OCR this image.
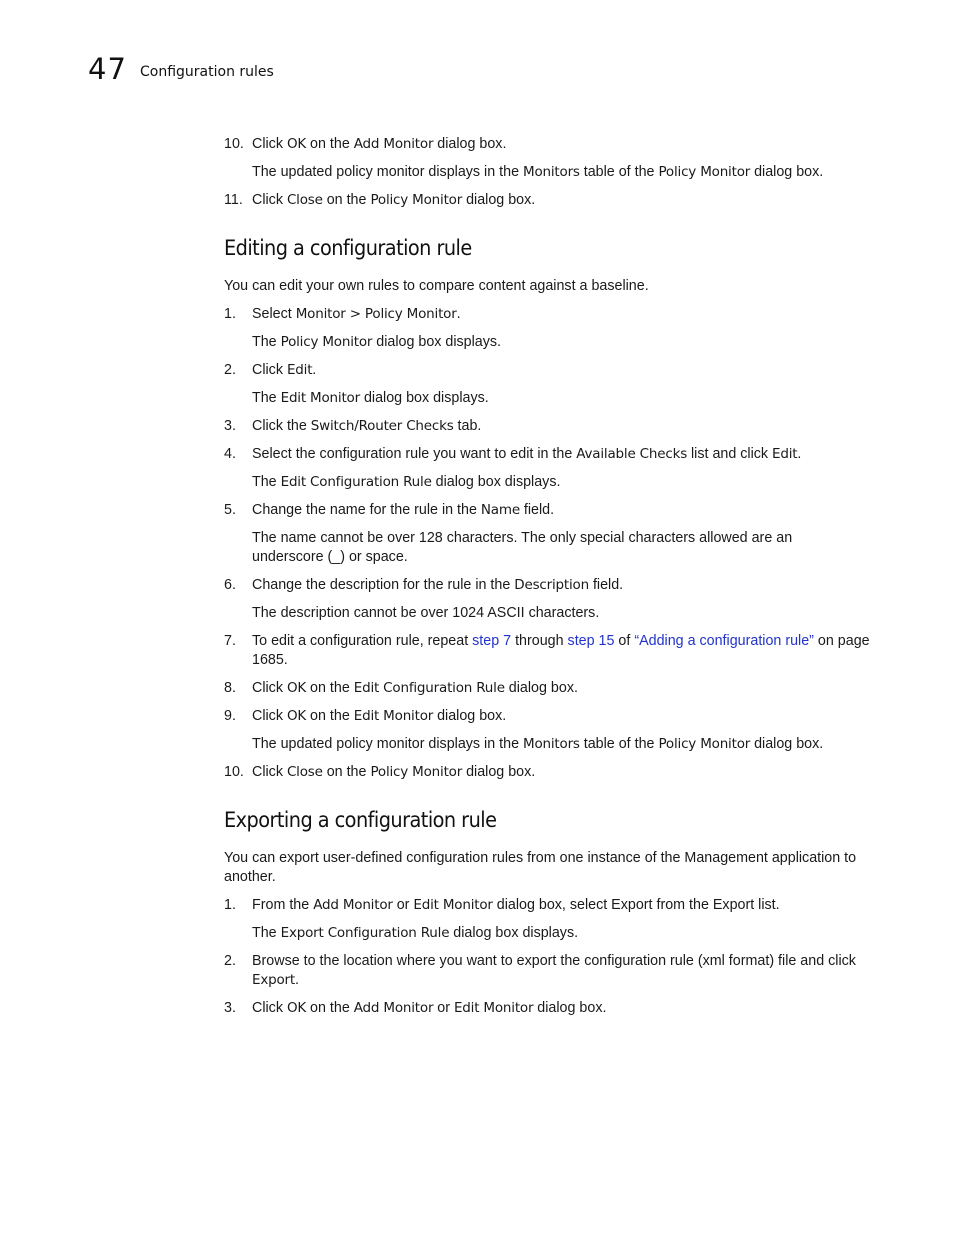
47 Configuration rules
10. Click OK on the Add Monitor dialog box.
The updated policy monitor displays in the Monitors table of the Policy Monitor dialog box.
11. Click Close on the Policy Monitor dialog box.
Editing a configuration rule
You can edit your own rules to compare content against a baseline.
1. Select Monitor > Policy Monitor.
The Policy Monitor dialog box displays.
2. Click Edit.
The Edit Monitor dialog box displays.
3. Click the Switch/Router Checks tab.
4. Select the configuration rule you want to edit in the Available Checks list and click Edit.
The Edit Configuration Rule dialog box displays.
5. Change the name for the rule in the Name field.
The name cannot be over 128 characters. The only special characters allowed are an underscore (_) or space.
6. Change the description for the rule in the Description field.
The description cannot be over 1024 ASCII characters.
7. To edit a configuration rule, repeat step 7 through step 15 of “Adding a configuration rule” on page 1685.
8. Click OK on the Edit Configuration Rule dialog box.
9. Click OK on the Edit Monitor dialog box.
The updated policy monitor displays in the Monitors table of the Policy Monitor dialog box.
10. Click Close on the Policy Monitor dialog box.
Exporting a configuration rule
You can export user-defined configuration rules from one instance of the Management application to another.
1. From the Add Monitor or Edit Monitor dialog box, select Export from the Export list.
The Export Configuration Rule dialog box displays.
2. Browse to the location where you want to export the configuration rule (xml format) file and click Export.
3. Click OK on the Add Monitor or Edit Monitor dialog box.
